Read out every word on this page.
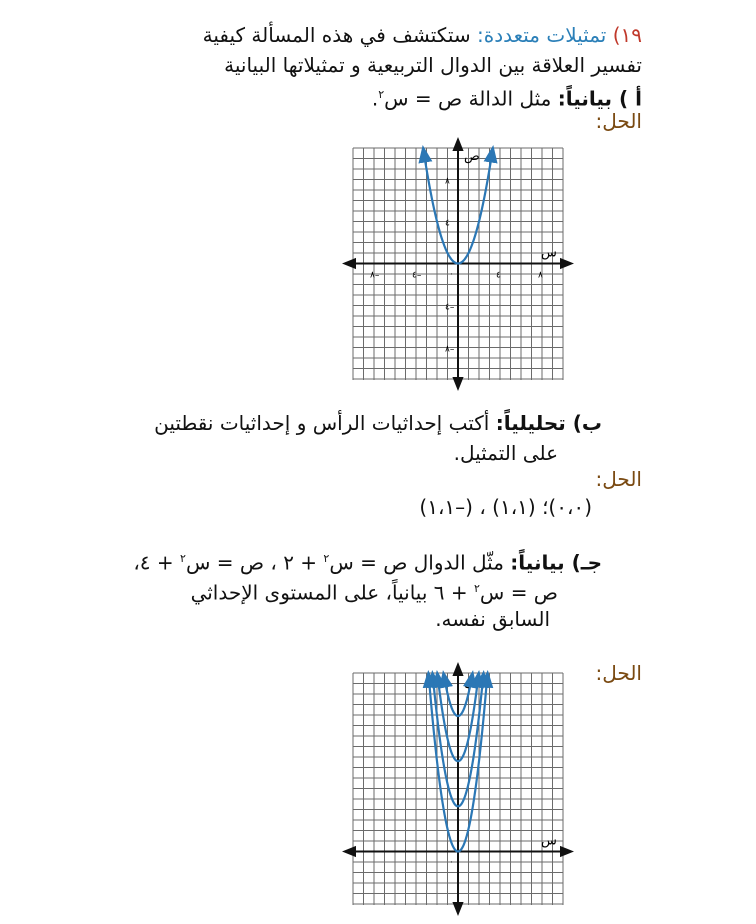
١٩) تمثيلات متعددة: ستكتشف في هذه المسألة كيفية
تفسير العلاقة بين الدوال التربيعية و تمثيلاتها البيانية
أ ) بيانياً: مثل الدالة ص = س$^٢$.
الحل:
ص
س
٠
٨–	٤–	٤	٨
٨
٤
٤–
٨–
ب) تحليلياً: أكتب إحداثيات الرأس و إحداثيات نقطتين
على التمثيل.
الحل:
(٠،٠)؛ (١،١) ، (–١،١)
جـ) بيانياً: مثّل الدوال ص = س$^٢$ + ٢ ، ص = س$^٢$ + ٤،
ص = س$^٢$ + ٦ بيانياً، على المستوى الإحداثي
السابق نفسه.
الحل:
ص
س
٠
